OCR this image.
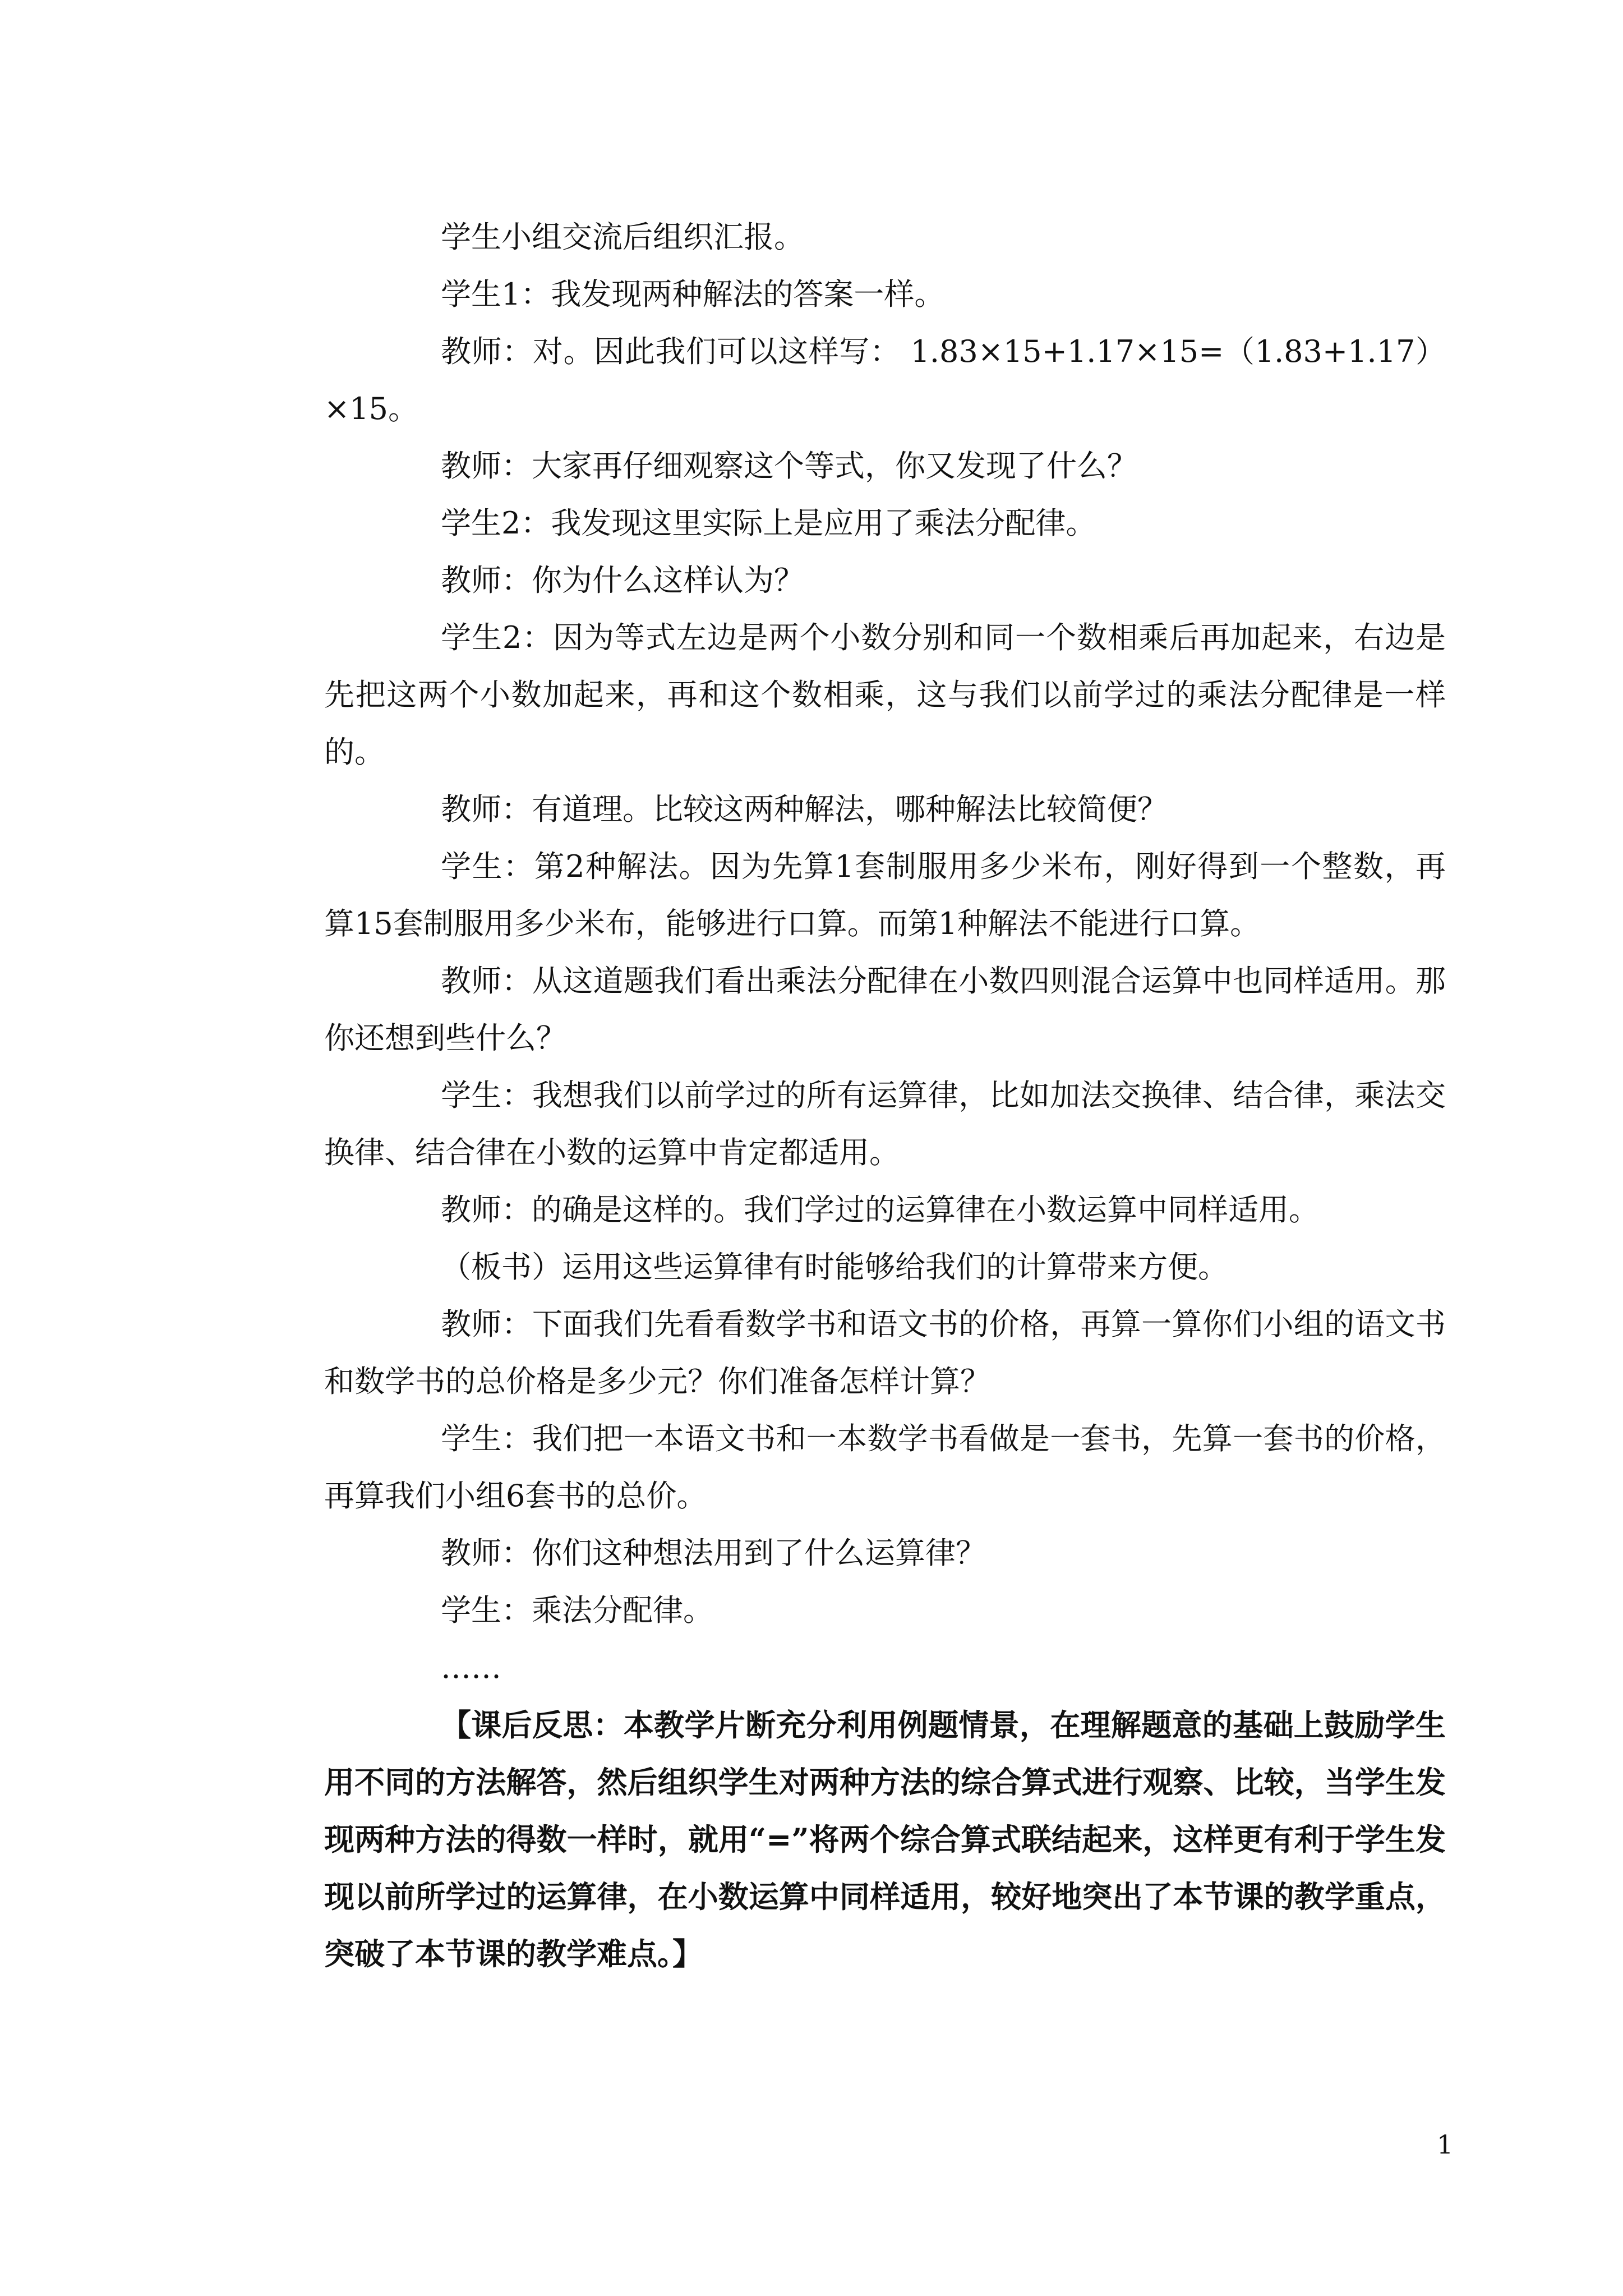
学生小组交流后组织汇报。

学生1：我发现两种解法的答案一样。

教师：对。因此我们可以这样写： 1.83×15+1.17×15=（1.83+1.17）×15。

教师：大家再仔细观察这个等式，你又发现了什么？

学生2：我发现这里实际上是应用了乘法分配律。

教师：你为什么这样认为？

学生2：因为等式左边是两个小数分别和同一个数相乘后再加起来，右边是先把这两个小数加起来，再和这个数相乘，这与我们以前学过的乘法分配律是一样的。

教师：有道理。比较这两种解法，哪种解法比较简便？

学生：第2种解法。因为先算1套制服用多少米布，刚好得到一个整数，再算15套制服用多少米布，能够进行口算。而第1种解法不能进行口算。

教师：从这道题我们看出乘法分配律在小数四则混合运算中也同样适用。那你还想到些什么？

学生：我想我们以前学过的所有运算律，比如加法交换律、结合律，乘法交换律、结合律在小数的运算中肯定都适用。

教师：的确是这样的。我们学过的运算律在小数运算中同样适用。

（板书）运用这些运算律有时能够给我们的计算带来方便。

教师：下面我们先看看数学书和语文书的价格，再算一算你们小组的语文书和数学书的总价格是多少元？你们准备怎样计算？

学生：我们把一本语文书和一本数学书看做是一套书，先算一套书的价格，再算我们小组6套书的总价。

教师：你们这种想法用到了什么运算律？

学生：乘法分配律。

……

【课后反思：本教学片断充分利用例题情景，在理解题意的基础上鼓励学生用不同的方法解答，然后组织学生对两种方法的综合算式进行观察、比较，当学生发现两种方法的得数一样时，就用“=”将两个综合算式联结起来，这样更有利于学生发现以前所学过的运算律，在小数运算中同样适用，较好地突出了本节课的教学重点，突破了本节课的教学难点。】

1
